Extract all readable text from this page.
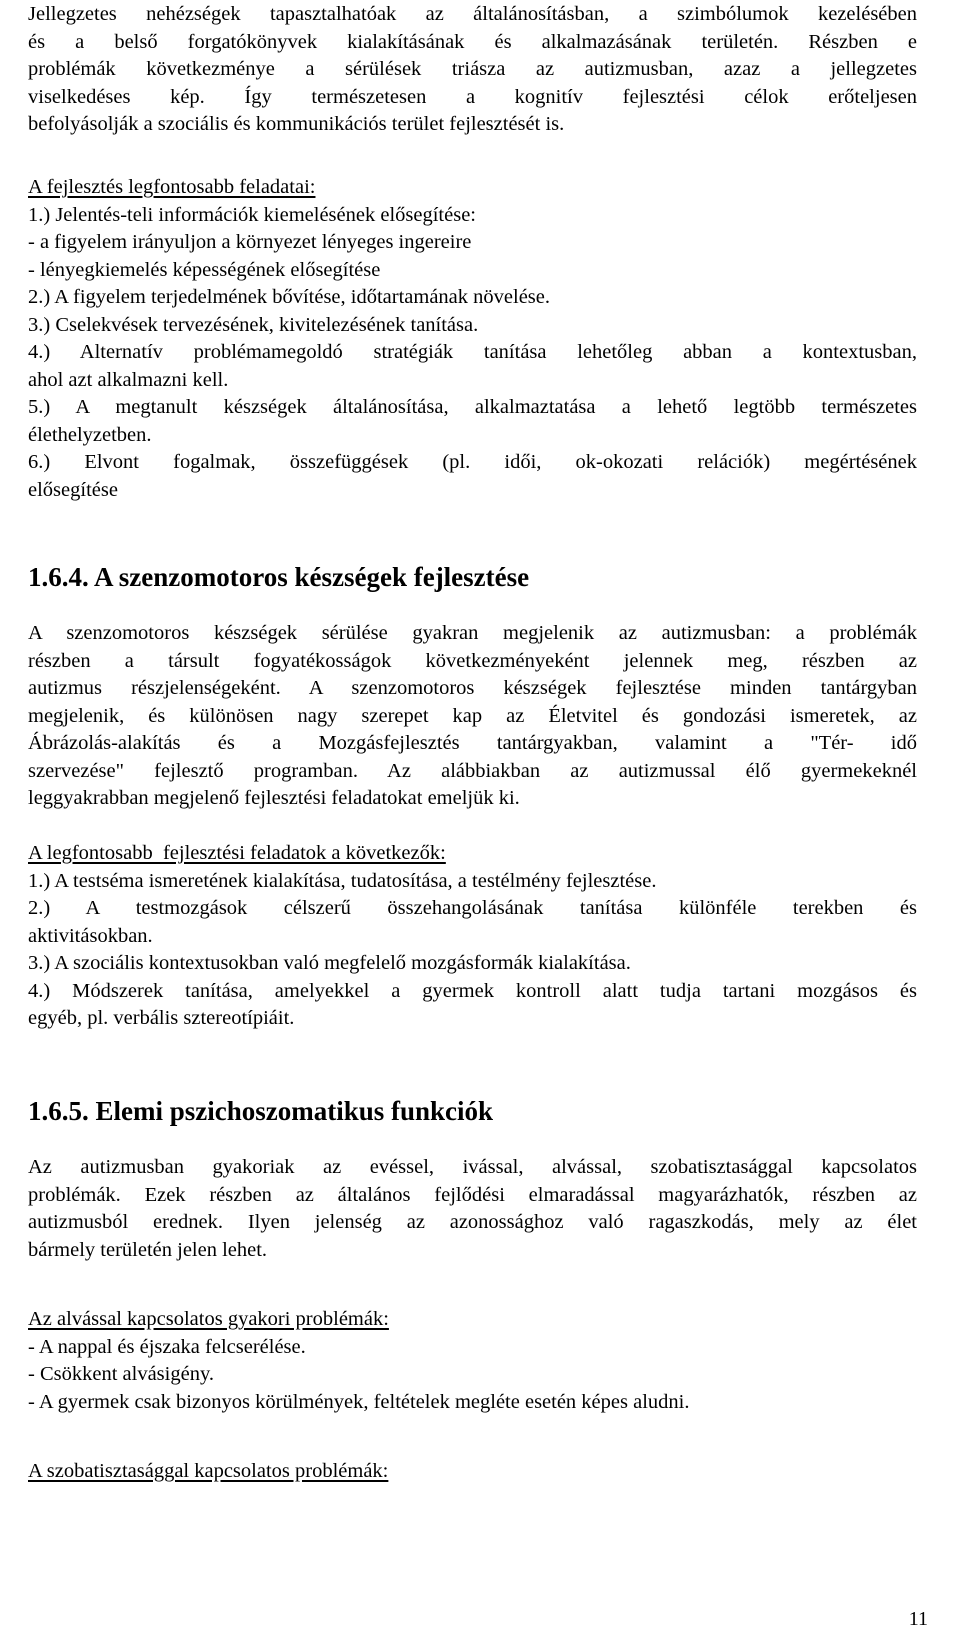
Jellegzetes nehézségek tapasztalhatóak az általánosításban, a szimbólumok kezelésében
és a belső forgatókönyvek kialakításának és alkalmazásának területén. Részben e
problémák következménye a sérülések triásza az autizmusban, azaz a jellegzetes
viselkedéses kép. Így természetesen a kognitív fejlesztési célok erőteljesen
befolyásolják a szociális és kommunikációs terület fejlesztését is.
A fejlesztés legfontosabb feladatai:
1.) Jelentés-teli információk kiemelésének elősegítése:
- a figyelem irányuljon a környezet lényeges ingereire
- lényegkiemelés képességének elősegítése
2.) A figyelem terjedelmének bővítése, időtartamának növelése.
3.) Cselekvések tervezésének, kivitelezésének tanítása.
4.) Alternatív problémamegoldó stratégiák tanítása lehetőleg abban a kontextusban,
ahol azt alkalmazni kell.
5.) A megtanult készségek általánosítása, alkalmaztatása a lehető legtöbb természetes
élethelyzetben.
6.) Elvont fogalmak, összefüggések (pl. idői, ok-okozati relációk) megértésének
elősegítése
1.6.4. A szenzomotoros készségek fejlesztése
A szenzomotoros készségek sérülése gyakran megjelenik az autizmusban: a problémák
részben a társult fogyatékosságok következményeként jelennek meg, részben az
autizmus részjelenségeként. A szenzomotoros készségek fejlesztése minden tantárgyban
megjelenik, és különösen nagy szerepet kap az Életvitel és gondozási ismeretek, az
Ábrázolás-alakítás és a Mozgásfejlesztés tantárgyakban, valamint a "Tér- idő
szervezése" fejlesztő programban. Az alábbiakban az autizmussal élő gyermekeknél
leggyakrabban megjelenő fejlesztési feladatokat emeljük ki.
A legfontosabb  fejlesztési feladatok a következők:
1.) A testséma ismeretének kialakítása, tudatosítása, a testélmény fejlesztése.
2.) A testmozgások célszerű összehangolásának tanítása különféle terekben és
aktivitásokban.
3.) A szociális kontextusokban való megfelelő mozgásformák kialakítása.
4.) Módszerek tanítása, amelyekkel a gyermek kontroll alatt tudja tartani mozgásos és
egyéb, pl. verbális sztereotípiáit.
1.6.5. Elemi pszichoszomatikus funkciók
Az autizmusban gyakoriak az evéssel, ivással, alvással, szobatisztasággal kapcsolatos
problémák. Ezek részben az általános fejlődési elmaradással magyarázhatók, részben az
autizmusból erednek. Ilyen jelenség az azonossághoz való ragaszkodás, mely az élet
bármely területén jelen lehet.
Az alvással kapcsolatos gyakori problémák:
- A nappal és éjszaka felcserélése.
- Csökkent alvásigény.
- A gyermek csak bizonyos körülmények, feltételek megléte esetén képes aludni.
A szobatisztasággal kapcsolatos problémák:
11
